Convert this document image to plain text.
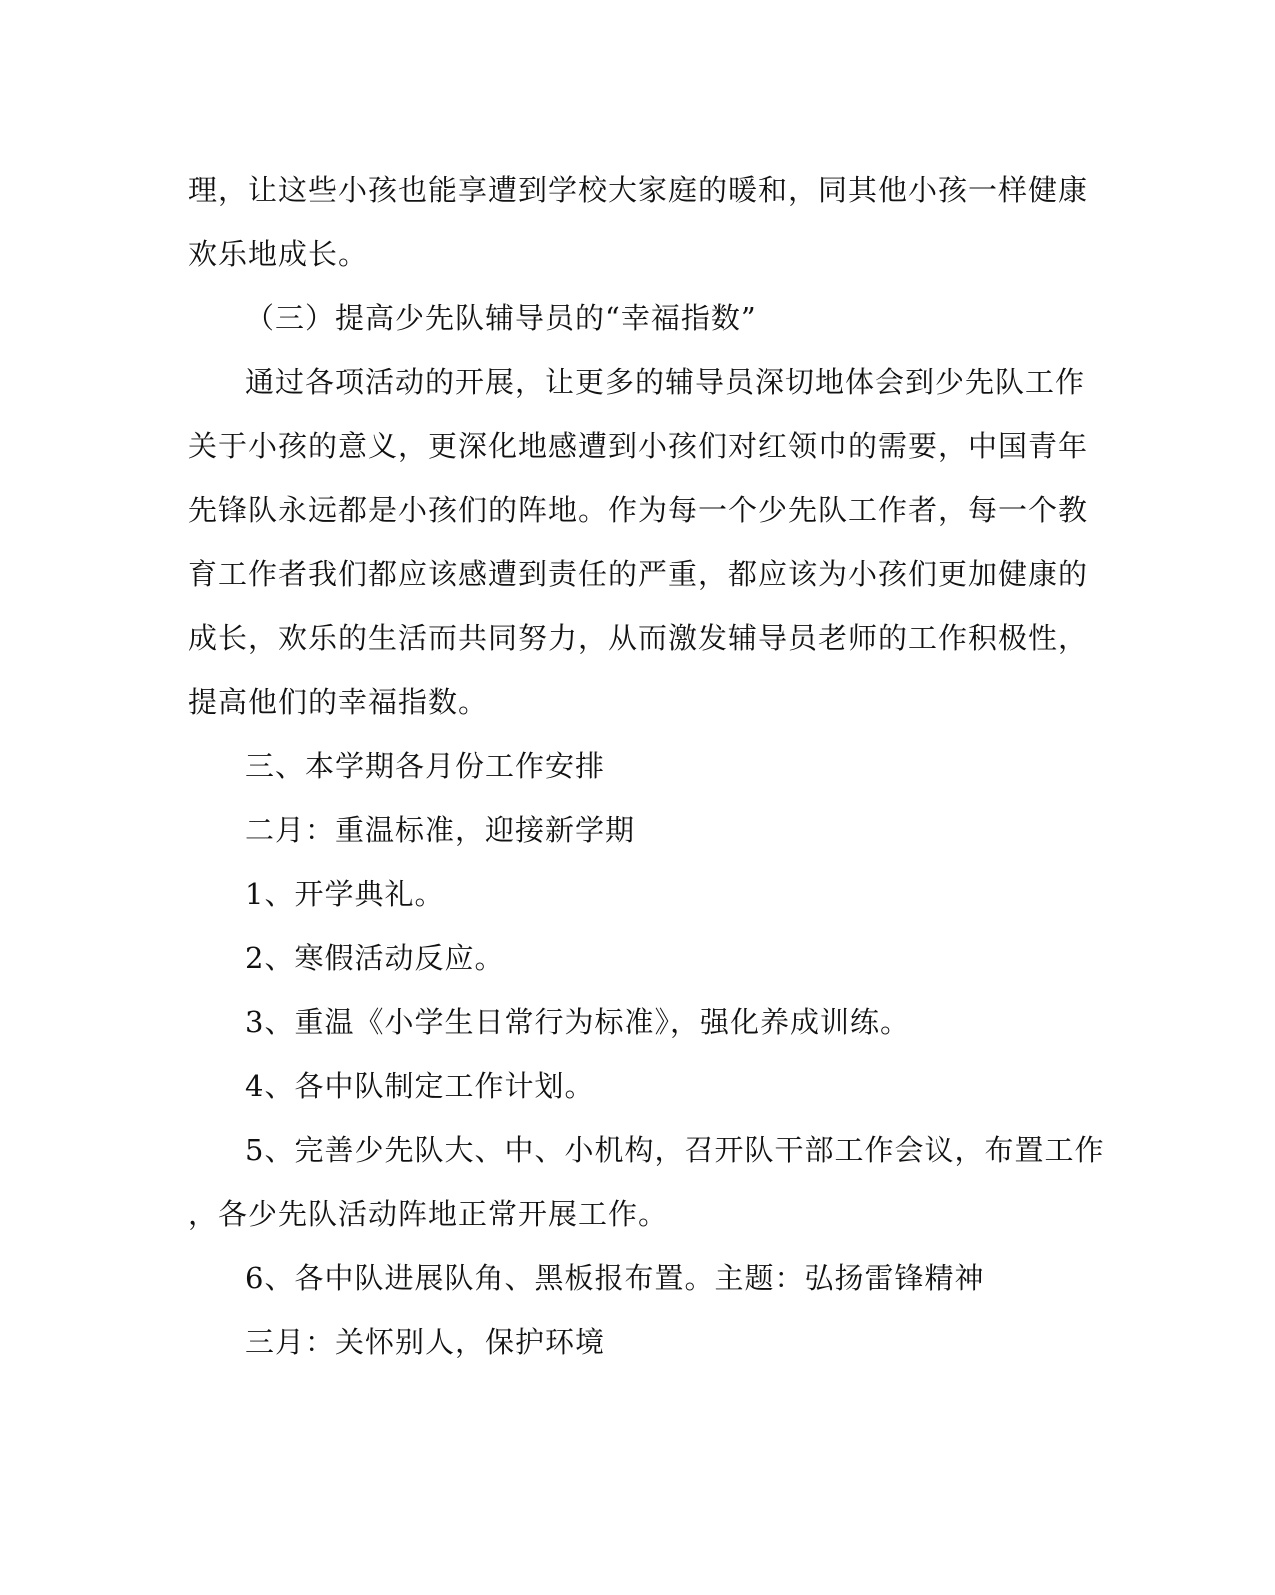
理，让这些小孩也能享遭到学校大家庭的暖和，同其他小孩一样健康
欢乐地成长。
（三）提高少先队辅导员的“幸福指数”
通过各项活动的开展，让更多的辅导员深切地体会到少先队工作
关于小孩的意义，更深化地感遭到小孩们对红领巾的需要，中国青年
先锋队永远都是小孩们的阵地。作为每一个少先队工作者，每一个教
育工作者我们都应该感遭到责任的严重，都应该为小孩们更加健康的
成长，欢乐的生活而共同努力，从而激发辅导员老师的工作积极性，
提高他们的幸福指数。
三、本学期各月份工作安排
二月：重温标准，迎接新学期
1、开学典礼。
2、寒假活动反应。
3、重温《小学生日常行为标准》，强化养成训练。
4、各中队制定工作计划。
5、完善少先队大、中、小机构，召开队干部工作会议，布置工作
，各少先队活动阵地正常开展工作。
6、各中队进展队角、黑板报布置。主题：弘扬雷锋精神
三月：关怀别人，保护环境
